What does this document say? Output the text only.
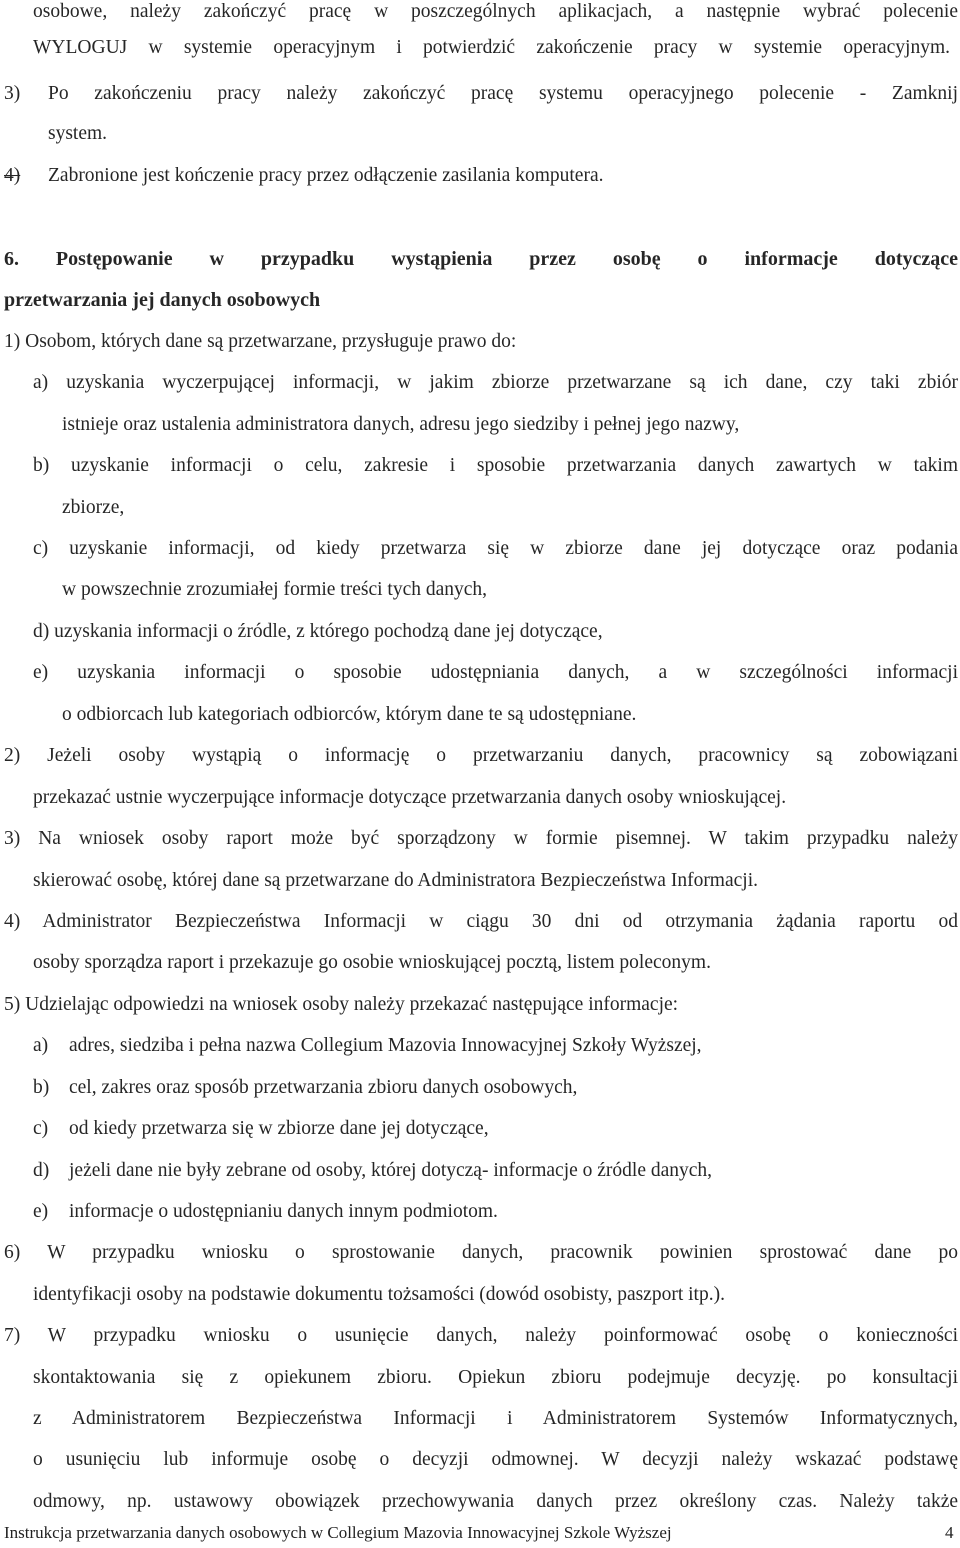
osobowe, należy zakończyć pracę w poszczególnych aplikacjach, a następnie wybrać polecenie
WYLOGUJ w systemie operacyjnym i potwierdzić zakończenie pracy w systemie operacyjnym.
3) Po zakończeniu pracy należy zakończyć pracę systemu operacyjnego polecenie - Zamknij
system.
4) Zabronione jest kończenie pracy przez odłączenie zasilania komputera.
6. Postępowanie w przypadku wystąpienia przez osobę o informacje dotyczące
przetwarzania jej danych osobowych
1) Osobom, których dane są przetwarzane, przysługuje prawo do:
a) uzyskania wyczerpującej informacji, w jakim zbiorze przetwarzane są ich dane, czy taki zbiór
istnieje oraz ustalenia administratora danych, adresu jego siedziby i pełnej jego nazwy,
b) uzyskanie informacji o celu, zakresie i sposobie przetwarzania danych zawartych w takim
zbiorze,
c) uzyskanie informacji, od kiedy przetwarza się w zbiorze dane jej dotyczące oraz podania
w powszechnie zrozumiałej formie treści tych danych,
d) uzyskania informacji o źródle, z którego pochodzą dane jej dotyczące,
e) uzyskania informacji o sposobie udostępniania danych, a w szczególności informacji
o odbiorcach lub kategoriach odbiorców, którym dane te są udostępniane.
2) Jeżeli osoby wystąpią o informację o przetwarzaniu danych, pracownicy są zobowiązani
przekazać ustnie wyczerpujące informacje dotyczące przetwarzania danych osoby wnioskującej.
3) Na wniosek osoby raport może być sporządzony w formie pisemnej. W takim przypadku należy
skierować osobę, której dane są przetwarzane do Administratora Bezpieczeństwa Informacji.
4) Administrator Bezpieczeństwa Informacji w ciągu 30 dni od otrzymania żądania raportu od
osoby sporządza raport i przekazuje go osobie wnioskującej pocztą, listem poleconym.
5) Udzielając odpowiedzi na wniosek osoby należy przekazać następujące informacje:
a) adres, siedziba i pełna nazwa Collegium Mazovia Innowacyjnej Szkoły Wyższej,
b) cel, zakres oraz sposób przetwarzania zbioru danych osobowych,
c) od kiedy przetwarza się w zbiorze dane jej dotyczące,
d) jeżeli dane nie były zebrane od osoby, której dotyczą- informacje o źródle danych,
e) informacje o udostępnianiu danych innym podmiotom.
6) W przypadku wniosku o sprostowanie danych, pracownik powinien sprostować dane po
identyfikacji osoby na podstawie dokumentu tożsamości (dowód osobisty, paszport itp.).
7) W przypadku wniosku o usunięcie danych, należy poinformować osobę o konieczności
skontaktowania się z opiekunem zbioru. Opiekun zbioru podejmuje decyzję. po konsultacji
z Administratorem Bezpieczeństwa Informacji i Administratorem Systemów Informatycznych,
o usunięciu lub informuje osobę o decyzji odmownej. W decyzji należy wskazać podstawę
odmowy, np. ustawowy obowiązek przechowywania danych przez określony czas. Należy także
Instrukcja przetwarzania danych osobowych w Collegium Mazovia Innowacyjnej Szkole Wyższej	4
